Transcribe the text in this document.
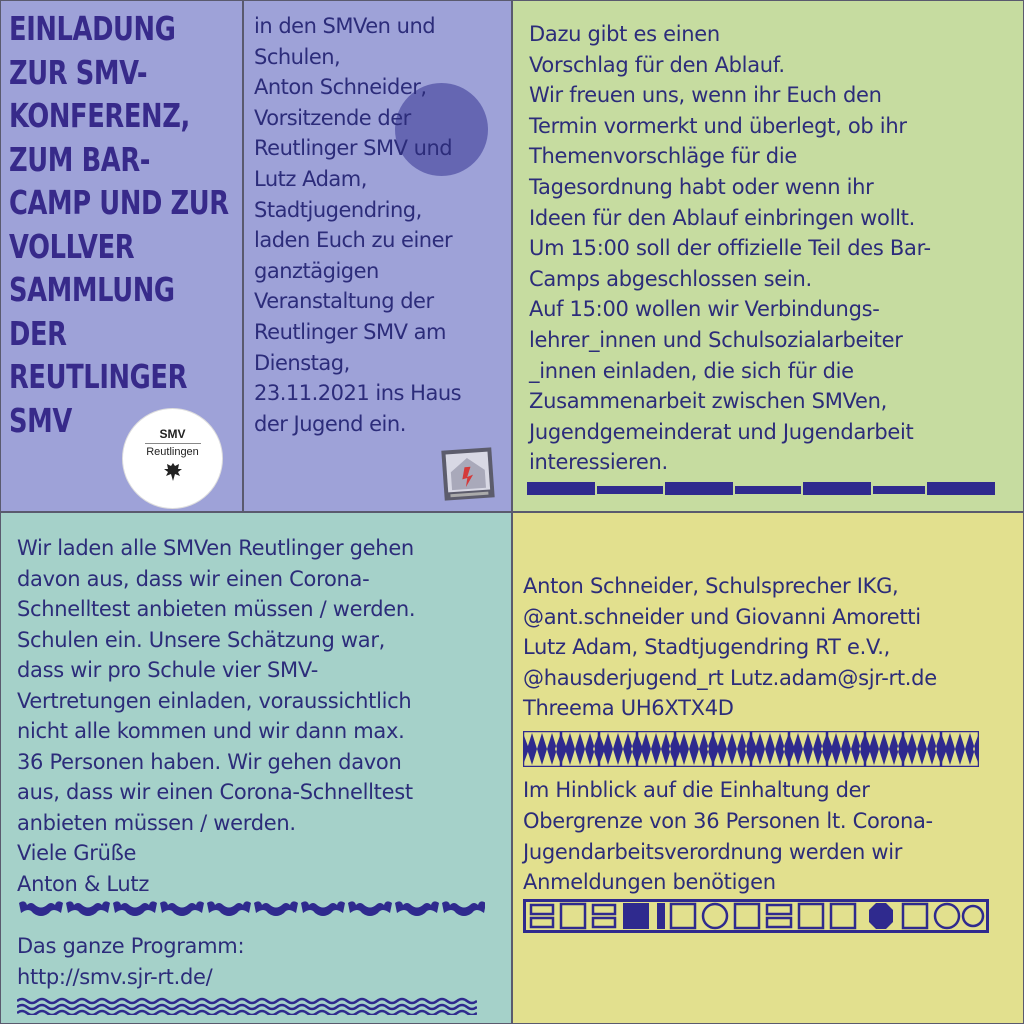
EINLADUNG
ZUR SMV-
KONFERENZ,
ZUM BAR-
CAMP UND ZUR
VOLLVER
SAMMLUNG
DER
REUTLINGER
SMV	SMV
Reutlingen

in den SMVen und
Schulen,
Anton Schneider,
Vorsitzende der
Reutlinger SMV und
Lutz Adam,
Stadtjugendring,
laden Euch zu einer
ganztägigen
Veranstaltung der
Reutlinger SMV am
Dienstag,
23.11.2021 ins Haus
der Jugend ein.

Dazu gibt es einen
Vorschlag für den Ablauf.
Wir freuen uns, wenn ihr Euch den
Termin vormerkt und überlegt, ob ihr
Themenvorschläge für die
Tagesordnung habt oder wenn ihr
Ideen für den Ablauf einbringen wollt.
Um 15:00 soll der offizielle Teil des Bar-
Camps abgeschlossen sein.
Auf 15:00 wollen wir Verbindungs-
lehrer_innen und Schulsozialarbeiter
_innen einladen, die sich für die
Zusammenarbeit zwischen SMVen,
Jugendgemeinderat und Jugendarbeit
interessieren.

Wir laden alle SMVen Reutlinger gehen
davon aus, dass wir einen Corona-
Schnelltest anbieten müssen / werden.
Schulen ein. Unsere Schätzung war,
dass wir pro Schule vier SMV-
Vertretungen einladen, voraussichtlich
nicht alle kommen und wir dann max.
36 Personen haben. Wir gehen davon
aus, dass wir einen Corona-Schnelltest
anbieten müssen / werden.
Viele Grüße
Anton & Lutz

Das ganze Programm:
http://smv.sjr-rt.de/

Anton Schneider, Schulsprecher IKG,
@ant.schneider und Giovanni Amoretti
Lutz Adam, Stadtjugendring RT e.V.,
@hausderjugend_rt Lutz.adam@sjr-rt.de
Threema UH6XTX4D

Im Hinblick auf die Einhaltung der
Obergrenze von 36 Personen lt. Corona-
Jugendarbeitsverordnung werden wir
Anmeldungen benötigen
